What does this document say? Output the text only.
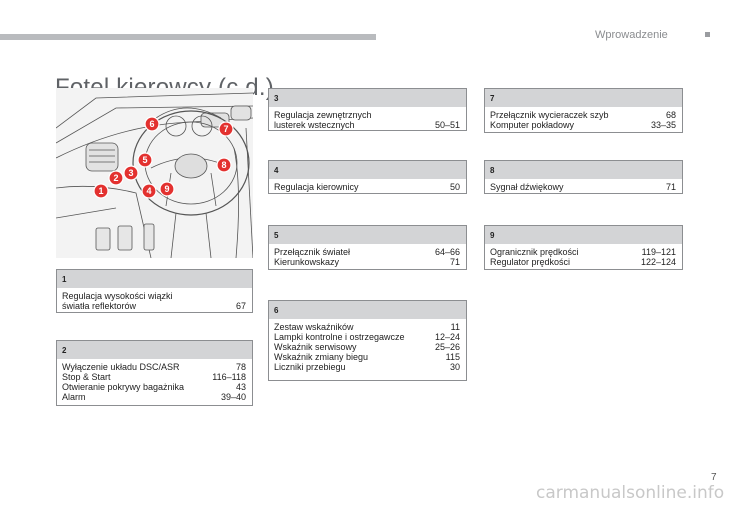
Wprowadzenie
1
2 3
4
5
6	7
8
9
1
Regulacja wysokości wiązki
światła reflektorów	67
2
Wyłączenie układu DSC/ASR	78
Stop & Start	116–118
Otwieranie pokrywy bagażnika	43
Alarm	39–40
3
Regulacja zewnętrznych
lusterek wstecznych	50–51
4
Regulacja kierownicy	50
5
Przełącznik świateł	64–66
Kierunkowskazy	71
6
Zestaw wskaźników	11
Lampki kontrolne i ostrzegawcze	12–24
Wskaźnik serwisowy	25–26
Wskaźnik zmiany biegu	115
Liczniki przebiegu	30
7
Przełącznik wycieraczek szyb	68
Komputer pokładowy	33–35
8
Sygnał dźwiękowy	71
9
Ogranicznik prędkości	119–121
Regulator prędkości	122–124
7
carmanualsonline.info
